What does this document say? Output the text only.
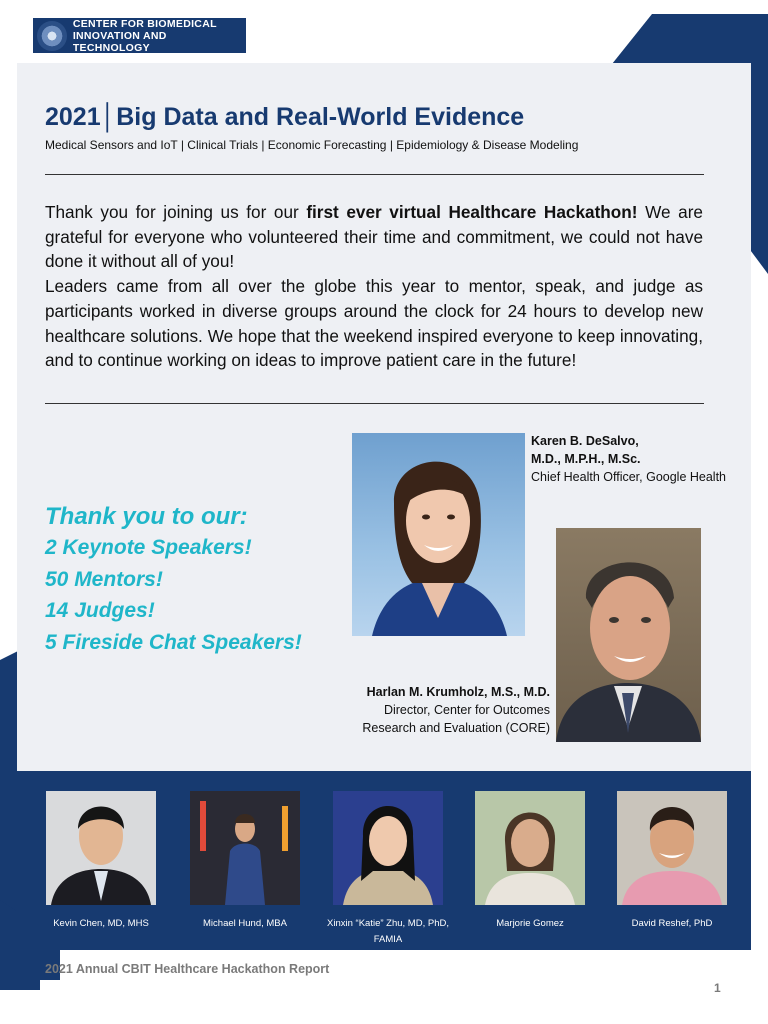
CENTER FOR BIOMEDICAL
INNOVATION AND TECHNOLOGY
2021│Big Data and Real-World Evidence
Medical Sensors and IoT | Clinical Trials | Economic Forecasting | Epidemiology & Disease Modeling

Thank you for joining us for our first ever virtual Healthcare Hackathon! We are grateful for everyone who volunteered their time and commitment, we could not have done it without all of you!

Leaders came from all over the globe this year to mentor, speak, and judge as participants worked in diverse groups around the clock for 24 hours to develop new healthcare solutions. We hope that the weekend inspired everyone to keep innovating, and to continue working on ideas to improve patient care in the future!

Thank you to our:
2 Keynote Speakers!
50 Mentors!
14 Judges!
5 Fireside Chat Speakers!
Karen B. DeSalvo,
M.D., M.P.H., M.Sc.
Chief Health Officer, Google Health
Harlan M. Krumholz, M.S., M.D.
Director, Center for Outcomes
Research and Evaluation (CORE)
Kevin Chen, MD, MHS	Michael Hund, MBA	Xinxin “Katie” Zhu, MD, PhD,
FAMIA
Marjorie Gomez	David Reshef, PhD
2021 Annual CBIT Healthcare Hackathon Report
1
